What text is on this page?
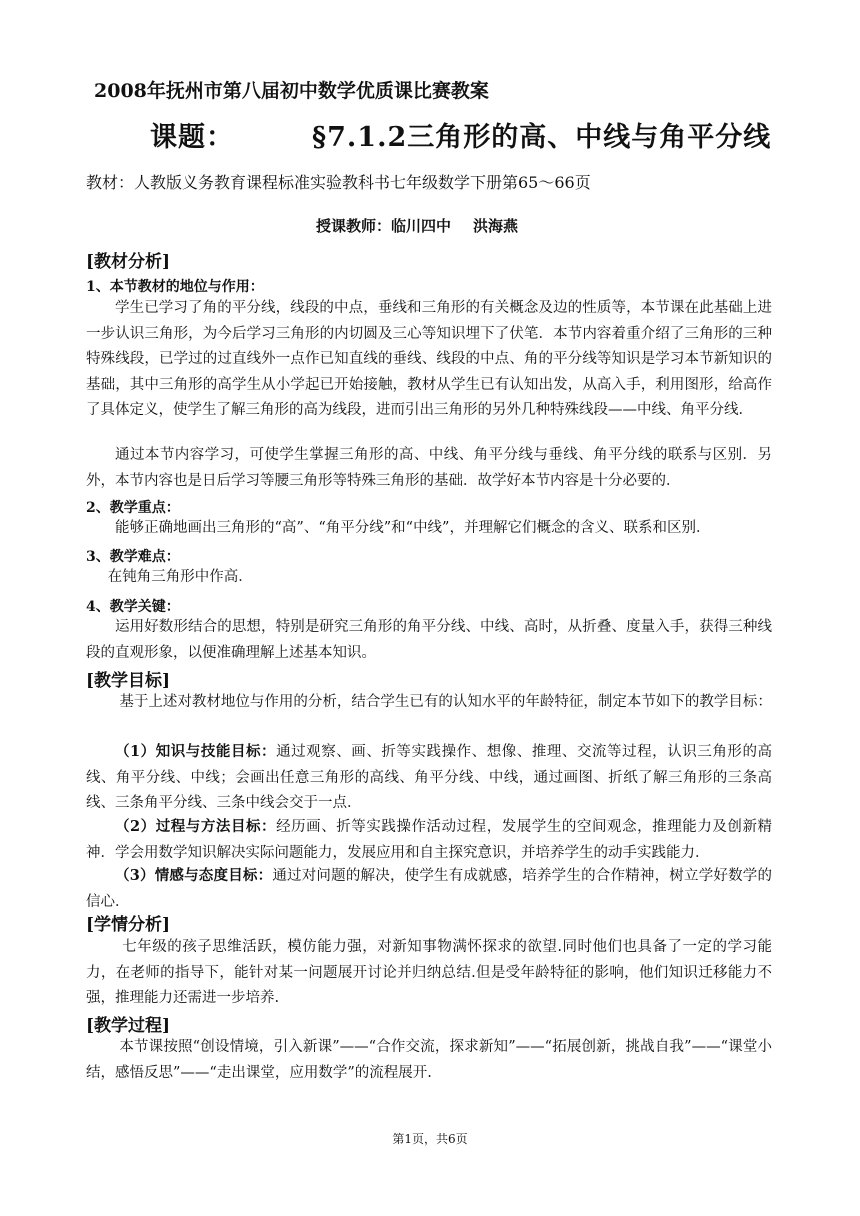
2008年抚州市第八届初中数学优质课比赛教案
课题：	§7.1.2三角形的高、中线与角平分线
教材：人教版义务教育课程标准实验教科书七年级数学下册第65～66页
授课教师：临川四中 洪海燕
[教材分析]
1、本节教材的地位与作用：
学生已学习了角的平分线，线段的中点，垂线和三角形的有关概念及边的性质等，本节课在此基础上进一步认识三角形，为今后学习三角形的内切圆及三心等知识埋下了伏笔．本节内容着重介绍了三角形的三种特殊线段，已学过的过直线外一点作已知直线的垂线、线段的中点、角的平分线等知识是学习本节新知识的基础，其中三角形的高学生从小学起已开始接触，教材从学生已有认知出发，从高入手，利用图形，给高作了具体定义，使学生了解三角形的高为线段，进而引出三角形的另外几种特殊线段——中线、角平分线．
通过本节内容学习，可使学生掌握三角形的高、中线、角平分线与垂线、角平分线的联系与区别．另外，本节内容也是日后学习等腰三角形等特殊三角形的基础．故学好本节内容是十分必要的．
2、教学重点：
能够正确地画出三角形的“高”、“角平分线”和“中线”，并理解它们概念的含义、联系和区别．
3、教学难点：
在钝角三角形中作高．
4、教学关键：
运用好数形结合的思想，特别是研究三角形的角平分线、中线、高时，从折叠、度量入手，获得三种线段的直观形象，以便准确理解上述基本知识。
[教学目标]
基于上述对教材地位与作用的分析，结合学生已有的认知水平的年龄特征，制定本节如下的教学目标：
（1）知识与技能目标：通过观察、画、折等实践操作、想像、推理、交流等过程，认识三角形的高线、角平分线、中线；会画出任意三角形的高线、角平分线、中线，通过画图、折纸了解三角形的三条高线、三条角平分线、三条中线会交于一点．
（2）过程与方法目标：经历画、折等实践操作活动过程，发展学生的空间观念，推理能力及创新精神．学会用数学知识解决实际问题能力，发展应用和自主探究意识，并培养学生的动手实践能力．
（3）情感与态度目标：通过对问题的解决，使学生有成就感，培养学生的合作精神，树立学好数学的信心．
[学情分析]
七年级的孩子思维活跃，模仿能力强，对新知事物满怀探求的欲望.同时他们也具备了一定的学习能力，在老师的指导下，能针对某一问题展开讨论并归纳总结.但是受年龄特征的影响，他们知识迁移能力不强，推理能力还需进一步培养.
[教学过程]
本节课按照“创设情境，引入新课”——“合作交流，探求新知”——“拓展创新，挑战自我”——“课堂小结，感悟反思”——“走出课堂，应用数学”的流程展开.
第1页，共6页
